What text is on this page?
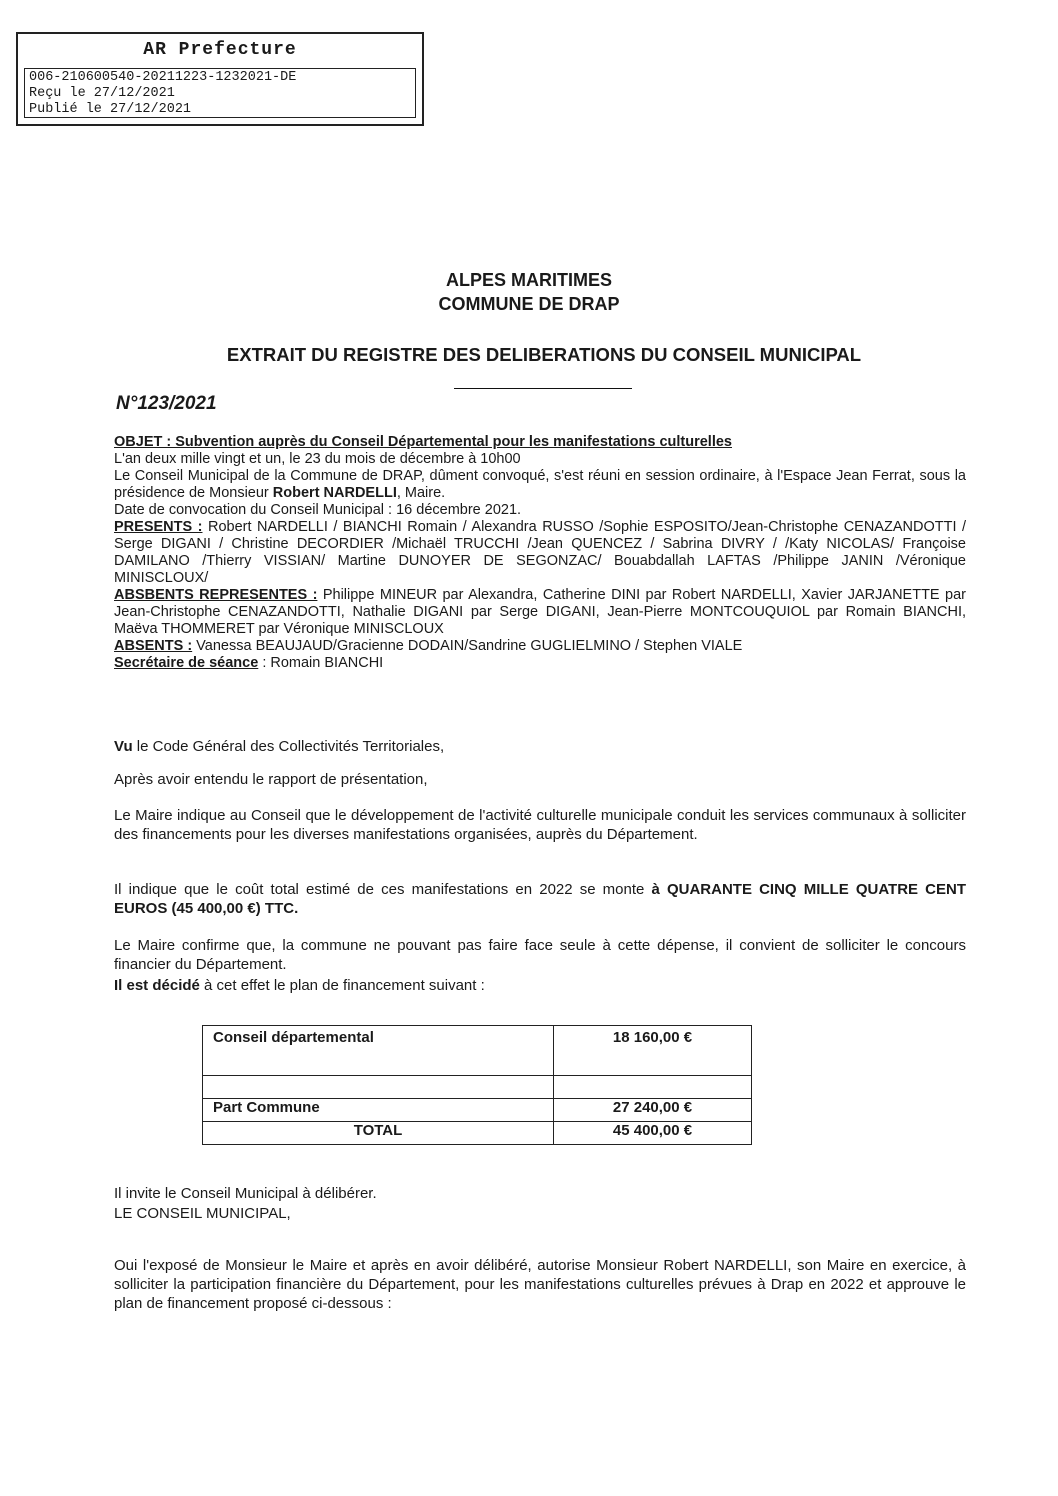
AR Prefecture
006-210600540-20211223-1232021-DE
Reçu le 27/12/2021
Publié le 27/12/2021
ALPES MARITIMES
COMMUNE DE DRAP
EXTRAIT DU REGISTRE DES DELIBERATIONS DU CONSEIL MUNICIPAL
N°123/2021
OBJET : Subvention auprès du Conseil Départemental pour les manifestations culturelles
L'an deux mille vingt et un, le 23 du mois de décembre à 10h00
Le Conseil Municipal de la Commune de DRAP, dûment convoqué, s'est réuni en session ordinaire, à l'Espace Jean Ferrat, sous la présidence de Monsieur Robert NARDELLI, Maire.
Date de convocation du Conseil Municipal : 16 décembre 2021.
PRESENTS : Robert NARDELLI / BIANCHI Romain / Alexandra RUSSO /Sophie ESPOSITO/Jean-Christophe CENAZANDOTTI / Serge DIGANI / Christine DECORDIER /Michaël TRUCCHI /Jean QUENCEZ / Sabrina DIVRY / /Katy NICOLAS/ Françoise DAMILANO /Thierry VISSIAN/ Martine DUNOYER DE SEGONZAC/ Bouabdallah LAFTAS /Philippe JANIN /Véronique MINISCLOUX/
ABSBENTS REPRESENTES : Philippe MINEUR par Alexandra, Catherine DINI par Robert NARDELLI, Xavier JARJANETTE par Jean-Christophe CENAZANDOTTI, Nathalie DIGANI par Serge DIGANI, Jean-Pierre MONTCOUQUIOL par Romain BIANCHI, Maëva THOMMERET par Véronique MINISCLOUX
ABSENTS : Vanessa BEAUJAUD/Gracienne DODAIN/Sandrine GUGLIELMINO / Stephen VIALE
Secrétaire de séance : Romain BIANCHI
Vu le Code Général des Collectivités Territoriales,
Après avoir entendu le rapport de présentation,
Le Maire indique au Conseil que le développement de l'activité culturelle municipale conduit les services communaux à solliciter des financements pour les diverses manifestations organisées, auprès du Département.
Il indique que le coût total estimé de ces manifestations en 2022 se monte à QUARANTE CINQ MILLE QUATRE CENT EUROS (45 400,00 €) TTC.
Le Maire confirme que, la commune ne pouvant pas faire face seule à cette dépense, il convient de solliciter le concours financier du Département.
Il est décidé à cet effet le plan de financement suivant :
Conseil départemental	18 160,00 €

Part Commune	27 240,00 €
TOTAL	45 400,00 €
Il invite le Conseil Municipal à délibérer.
LE CONSEIL MUNICIPAL,
Oui l'exposé de Monsieur le Maire et après en avoir délibéré, autorise Monsieur Robert NARDELLI, son Maire en exercice, à solliciter la participation financière du Département, pour les manifestations culturelles prévues à Drap en 2022 et approuve le plan de financement proposé ci-dessous :
